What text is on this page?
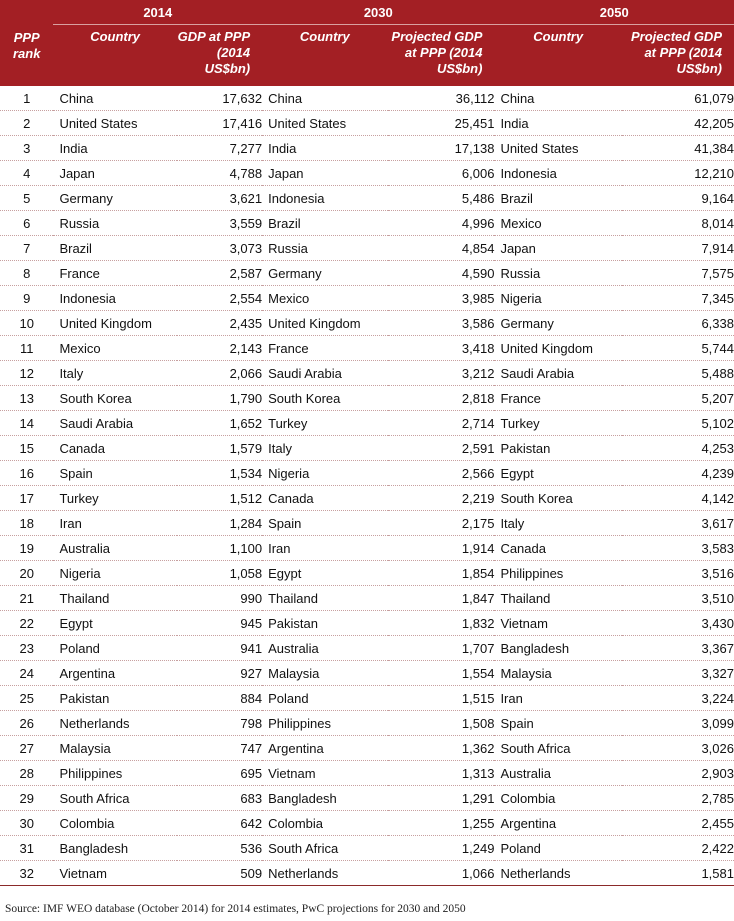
PPP rank	2014		2030		2050	
	Country	GDP at PPP (2014 US$bn)	Country	Projected GDP at PPP (2014 US$bn)	Country	Projected GDP at PPP (2014 US$bn)
1	China	17,632	China	36,112	China	61,079
2	United States	17,416	United States	25,451	India	42,205
3	India	7,277	India	17,138	United States	41,384
4	Japan	4,788	Japan	6,006	Indonesia	12,210
5	Germany	3,621	Indonesia	5,486	Brazil	9,164
6	Russia	3,559	Brazil	4,996	Mexico	8,014
7	Brazil	3,073	Russia	4,854	Japan	7,914
8	France	2,587	Germany	4,590	Russia	7,575
9	Indonesia	2,554	Mexico	3,985	Nigeria	7,345
10	United Kingdom	2,435	United Kingdom	3,586	Germany	6,338
11	Mexico	2,143	France	3,418	United Kingdom	5,744
12	Italy	2,066	Saudi Arabia	3,212	Saudi Arabia	5,488
13	South Korea	1,790	South Korea	2,818	France	5,207
14	Saudi Arabia	1,652	Turkey	2,714	Turkey	5,102
15	Canada	1,579	Italy	2,591	Pakistan	4,253
16	Spain	1,534	Nigeria	2,566	Egypt	4,239
17	Turkey	1,512	Canada	2,219	South Korea	4,142
18	Iran	1,284	Spain	2,175	Italy	3,617
19	Australia	1,100	Iran	1,914	Canada	3,583
20	Nigeria	1,058	Egypt	1,854	Philippines	3,516
21	Thailand	990	Thailand	1,847	Thailand	3,510
22	Egypt	945	Pakistan	1,832	Vietnam	3,430
23	Poland	941	Australia	1,707	Bangladesh	3,367
24	Argentina	927	Malaysia	1,554	Malaysia	3,327
25	Pakistan	884	Poland	1,515	Iran	3,224
26	Netherlands	798	Philippines	1,508	Spain	3,099
27	Malaysia	747	Argentina	1,362	South Africa	3,026
28	Philippines	695	Vietnam	1,313	Australia	2,903
29	South Africa	683	Bangladesh	1,291	Colombia	2,785
30	Colombia	642	Colombia	1,255	Argentina	2,455
31	Bangladesh	536	South Africa	1,249	Poland	2,422
32	Vietnam	509	Netherlands	1,066	Netherlands	1,581
Source: IMF WEO database (October 2014) for 2014 estimates, PwC projections for 2030 and 2050
